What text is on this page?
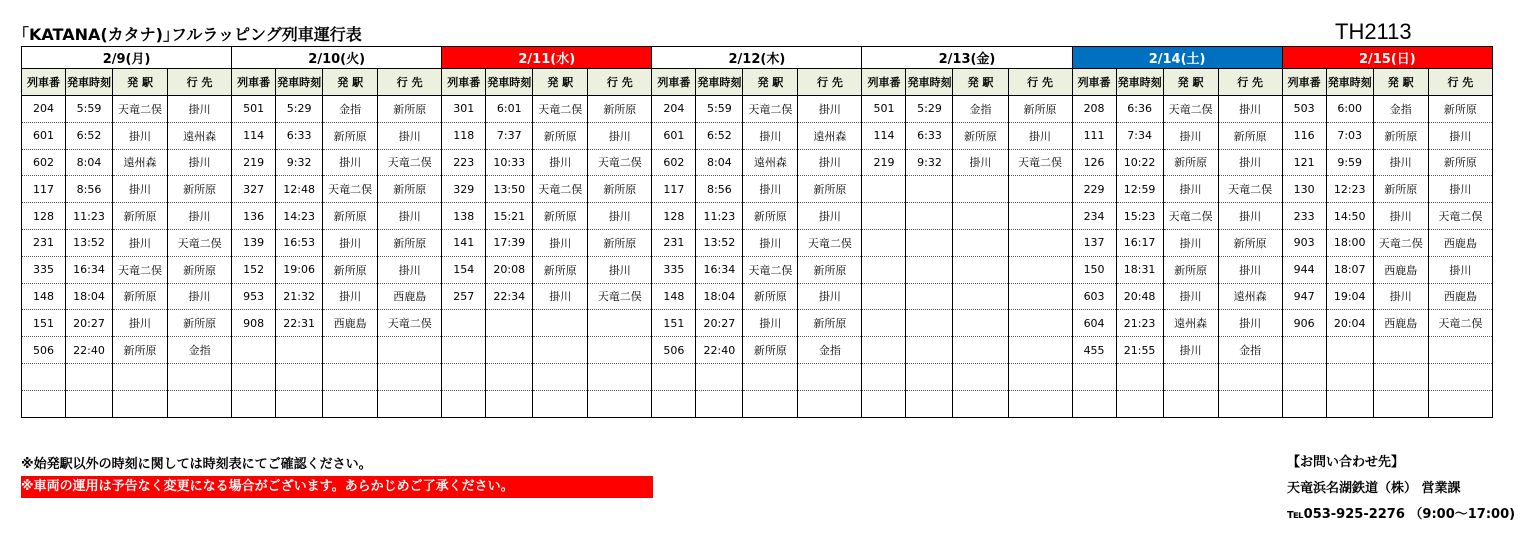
｢KATANA(カタナ)｣フルラッピング列車運行表	TH2113
2/9(月)				2/10(火)				2/11(水)				2/12(木)				2/13(金)				2/14(土)				2/15(日)			
列車番	発車時刻	発 駅	行 先	列車番	発車時刻	発 駅	行 先	列車番	発車時刻	発 駅	行 先	列車番	発車時刻	発 駅	行 先	列車番	発車時刻	発 駅	行 先	列車番	発車時刻	発 駅	行 先	列車番	発車時刻	発 駅	行 先
204	5:59	天竜二俣	掛川	501	5:29	金指	新所原	301	6:01	天竜二俣	新所原	204	5:59	天竜二俣	掛川	501	5:29	金指	新所原	208	6:36	天竜二俣	掛川	503	6:00	金指	新所原
601	6:52	掛川	遠州森	114	6:33	新所原	掛川	118	7:37	新所原	掛川	601	6:52	掛川	遠州森	114	6:33	新所原	掛川	111	7:34	掛川	新所原	116	7:03	新所原	掛川
602	8:04	遠州森	掛川	219	9:32	掛川	天竜二俣	223	10:33	掛川	天竜二俣	602	8:04	遠州森	掛川	219	9:32	掛川	天竜二俣	126	10:22	新所原	掛川	121	9:59	掛川	新所原
117	8:56	掛川	新所原	327	12:48	天竜二俣	新所原	329	13:50	天竜二俣	新所原	117	8:56	掛川	新所原					229	12:59	掛川	天竜二俣	130	12:23	新所原	掛川
128	11:23	新所原	掛川	136	14:23	新所原	掛川	138	15:21	新所原	掛川	128	11:23	新所原	掛川					234	15:23	天竜二俣	掛川	233	14:50	掛川	天竜二俣
231	13:52	掛川	天竜二俣	139	16:53	掛川	新所原	141	17:39	掛川	新所原	231	13:52	掛川	天竜二俣					137	16:17	掛川	新所原	903	18:00	天竜二俣	西鹿島
335	16:34	天竜二俣	新所原	152	19:06	新所原	掛川	154	20:08	新所原	掛川	335	16:34	天竜二俣	新所原					150	18:31	新所原	掛川	944	18:07	西鹿島	掛川
148	18:04	新所原	掛川	953	21:32	掛川	西鹿島	257	22:34	掛川	天竜二俣	148	18:04	新所原	掛川					603	20:48	掛川	遠州森	947	19:04	掛川	西鹿島
151	20:27	掛川	新所原	908	22:31	西鹿島	天竜二俣					151	20:27	掛川	新所原					604	21:23	遠州森	掛川	906	20:04	西鹿島	天竜二俣
506	22:40	新所原	金指									506	22:40	新所原	金指					455	21:55	掛川	金指				

※始発駅以外の時刻に関しては時刻表にてご確認ください。
※車両の運用は予告なく変更になる場合がございます。あらかじめご了承ください。
【お問い合わせ先】
天竜浜名湖鉄道（株） 営業課
℡053-925-2276 （9:00～17:00)
